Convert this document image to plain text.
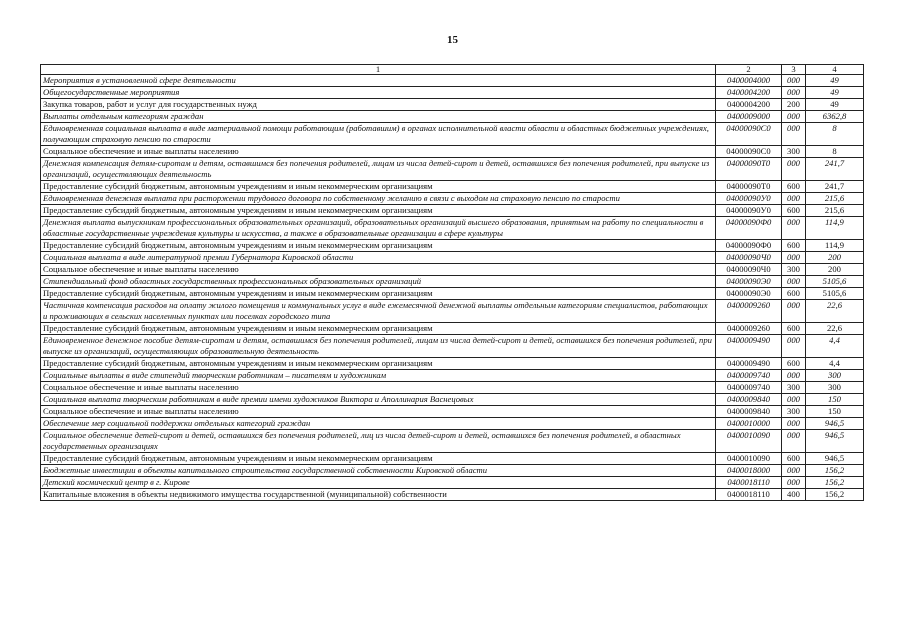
15
1	2	3	4
Мероприятия в установленной сфере деятельности	0400004000	000	49
Общегосударственные мероприятия	0400004200	000	49
Закупка товаров, работ и услуг для государственных нужд	0400004200	200	49
Выплаты отдельным категориям граждан	0400009000	000	6362,8
Единовременная социальная выплата в виде материальной помощи работающим (работавшим) в органах исполнительной власти области и областных бюджетных учреждениях, получающим страховую пенсию по старости	04000090С0	000	8
Социальное обеспечение и иные выплаты населению	04000090С0	300	8
Денежная компенсация детям-сиротам и детям, оставшимся без попечения родителей, лицам из числа детей-сирот и детей, оставшихся без попечения родителей, при выпуске из организаций, осуществляющих деятельность	04000090Т0	000	241,7
Предоставление субсидий бюджетным, автономным учреждениям и иным некоммерческим организациям	04000090Т0	600	241,7
Единовременная денежная выплата при расторжении трудового договора по собственному желанию в связи с выходом на страховую пенсию по старости	04000090У0	000	215,6
Предоставление субсидий бюджетным, автономным учреждениям и иным некоммерческим организациям	04000090У0	600	215,6
Денежная выплата выпускникам профессиональных образовательных организаций, образовательных организаций высшего образования, принятым на работу по специальности в областные государственные учреждения культуры и искусства, а также в образовательные организации в сфере культуры	04000090Ф0	000	114,9
Предоставление субсидий бюджетным, автономным учреждениям и иным некоммерческим организациям	04000090Ф0	600	114,9
Социальная выплата в виде литературной премии Губернатора Кировской области	04000090Ч0	000	200
Социальное обеспечение и иные выплаты населению	04000090Ч0	300	200
Стипендиальный фонд областных государственных профессиональных образовательных организаций	04000090Э0	000	5105,6
Предоставление субсидий бюджетным, автономным учреждениям и иным некоммерческим организациям	04000090Э0	600	5105,6
Частичная компенсация расходов на оплату жилого помещения и коммунальных услуг в виде ежемесячной денежной выплаты отдельным категориям специалистов, работающих и проживающих в сельских населенных пунктах или поселках городского типа	0400009260	000	22,6
Предоставление субсидий бюджетным, автономным учреждениям и иным некоммерческим организациям	0400009260	600	22,6
Единовременное денежное пособие детям-сиротам и детям, оставшимся без попечения родителей, лицам из числа детей-сирот и детей, оставшихся без попечения родителей, при выпуске из организаций, осуществляющих образовательную деятельность	0400009490	000	4,4
Предоставление субсидий бюджетным, автономным учреждениям и иным некоммерческим организациям	0400009490	600	4,4
Социальные выплаты в виде стипендий творческим работникам – писателям и художникам	0400009740	000	300
Социальное обеспечение и иные выплаты населению	0400009740	300	300
Социальная выплата творческим работникам в виде премии имени художников Виктора и Аполлинария Васнецовых	0400009840	000	150
Социальное обеспечение и иные выплаты населению	0400009840	300	150
Обеспечение мер социальной поддержки отдельных категорий граждан	0400010000	000	946,5
Социальное обеспечение детей-сирот и детей, оставшихся без попечения родителей, лиц из числа детей-сирот и детей, оставшихся без попечения родителей, в областных государственных организациях	0400010090	000	946,5
Предоставление субсидий бюджетным, автономным учреждениям и иным некоммерческим организациям	0400010090	600	946,5
Бюджетные инвестиции в объекты капитального строительства государственной собственности Кировской области	0400018000	000	156,2
Детский космический центр в г. Кирове	0400018110	000	156,2
Капитальные вложения в объекты недвижимого имущества государственной (муниципальной) собственности	0400018110	400	156,2
